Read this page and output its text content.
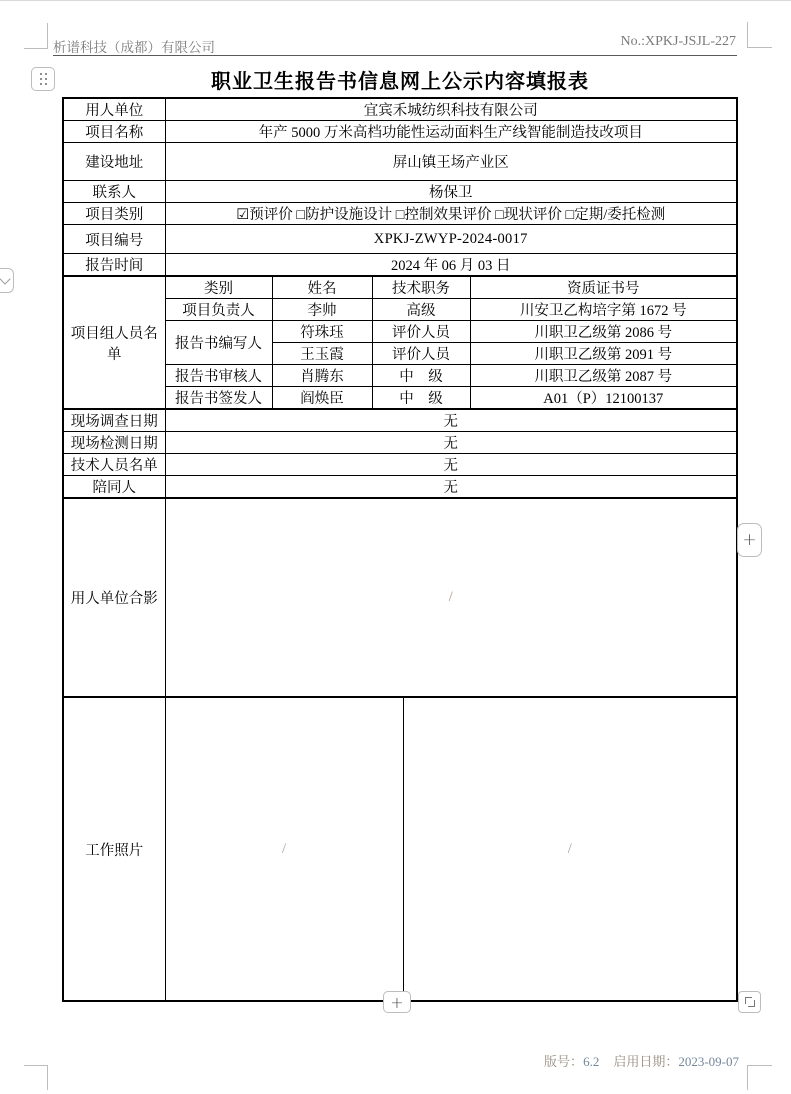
析谱科技（成都）有限公司	No.:XPKJ-JSJL-227
职业卫生报告书信息网上公示内容填报表
用人单位	宜宾禾城纺织科技有限公司				
项目名称	年产 5000 万米高档功能性运动面料生产线智能制造技改项目				
建设地址	屏山镇王场产业区				
联系人	杨保卫				
项目类别	☑预评价 □防护设施设计 □控制效果评价 □现状评价 □定期/委托检测				
项目编号	XPKJ-ZWYP-2024-0017				
报告时间	2024 年 06 月 03 日				
项目组人员名单	类别	姓名	技术职务		资质证书号
	项目负责人	李帅	高级		川安卫乙构培字第 1672 号
	报告书编写人	符珠珏	评价人员		川职卫乙级第 2086 号
		王玉霞	评价人员		川职卫乙级第 2091 号
	报告书审核人	肖腾东	中　级		川职卫乙级第 2087 号
	报告书签发人	阎焕臣	中　级		A01（P）12100137
现场调查日期	无				
现场检测日期	无				
技术人员名单	无				
陪同人	无				
用人单位合影	/				
工作照片	/			/	
+
+
版号：6.2 启用日期：2023-09-07
